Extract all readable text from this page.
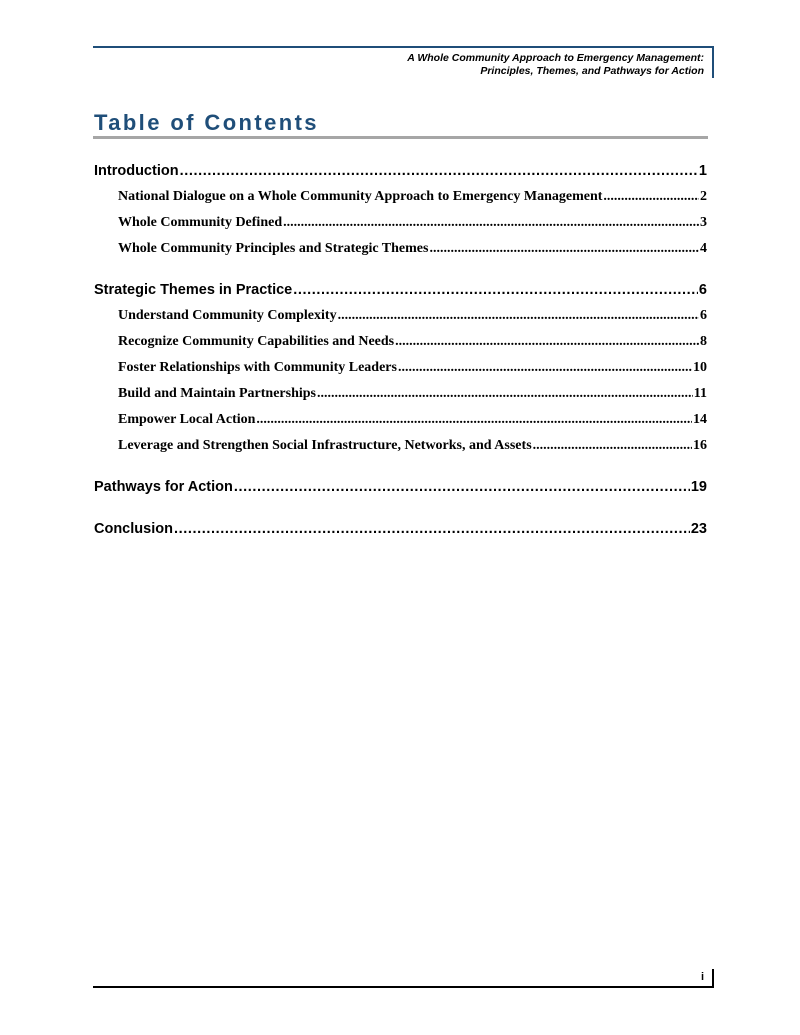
A Whole Community Approach to Emergency Management:
Principles, Themes, and Pathways for Action
Table of Contents
Introduction .....	1
National Dialogue on a Whole Community Approach to Emergency Management .....	2
Whole Community Defined .....	3
Whole Community Principles and Strategic Themes .....	4
Strategic Themes in Practice .....	6
Understand Community Complexity .....	6
Recognize Community Capabilities and Needs .....	8
Foster Relationships with Community Leaders .....	10
Build and Maintain Partnerships .....	11
Empower Local Action .....	14
Leverage and Strengthen Social Infrastructure, Networks, and Assets .....	16
Pathways for Action .....	19
Conclusion .....	23
i
